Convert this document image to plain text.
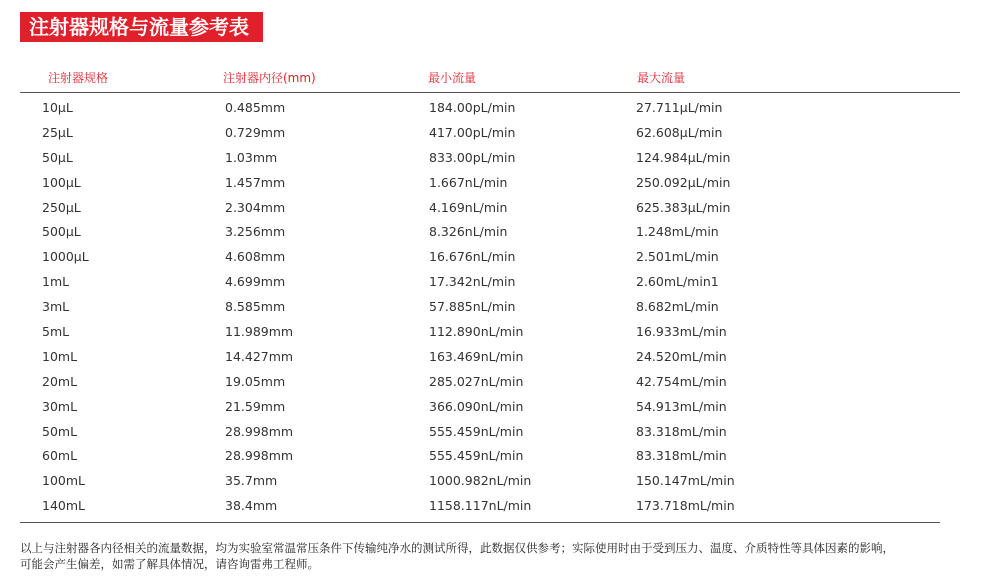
注射器规格与流量参考表
注射器规格	注射器内径(mm)	最小流量	最大流量
10μL	0.485mm	184.00pL/min	27.711μL/min
25μL	0.729mm	417.00pL/min	62.608μL/min
50μL	1.03mm	833.00pL/min	124.984μL/min
100μL	1.457mm	1.667nL/min	250.092μL/min
250μL	2.304mm	4.169nL/min	625.383μL/min
500μL	3.256mm	8.326nL/min	1.248mL/min
1000μL	4.608mm	16.676nL/min	2.501mL/min
1mL	4.699mm	17.342nL/min	2.60mL/min1
3mL	8.585mm	57.885nL/min	8.682mL/min
5mL	11.989mm	112.890nL/min	16.933mL/min
10mL	14.427mm	163.469nL/min	24.520mL/min
20mL	19.05mm	285.027nL/min	42.754mL/min
30mL	21.59mm	366.090nL/min	54.913mL/min
50mL	28.998mm	555.459nL/min	83.318mL/min
60mL	28.998mm	555.459nL/min	83.318mL/min
100mL	35.7mm	1000.982nL/min	150.147mL/min
140mL	38.4mm	1158.117nL/min	173.718mL/min
以上与注射器各内径相关的流量数据，均为实验室常温常压条件下传输纯净水的测试所得，此数据仅供参考；实际使用时由于受到压力、温度、介质特性等具体因素的影响，
可能会产生偏差，如需了解具体情况，请咨询雷弗工程师。
